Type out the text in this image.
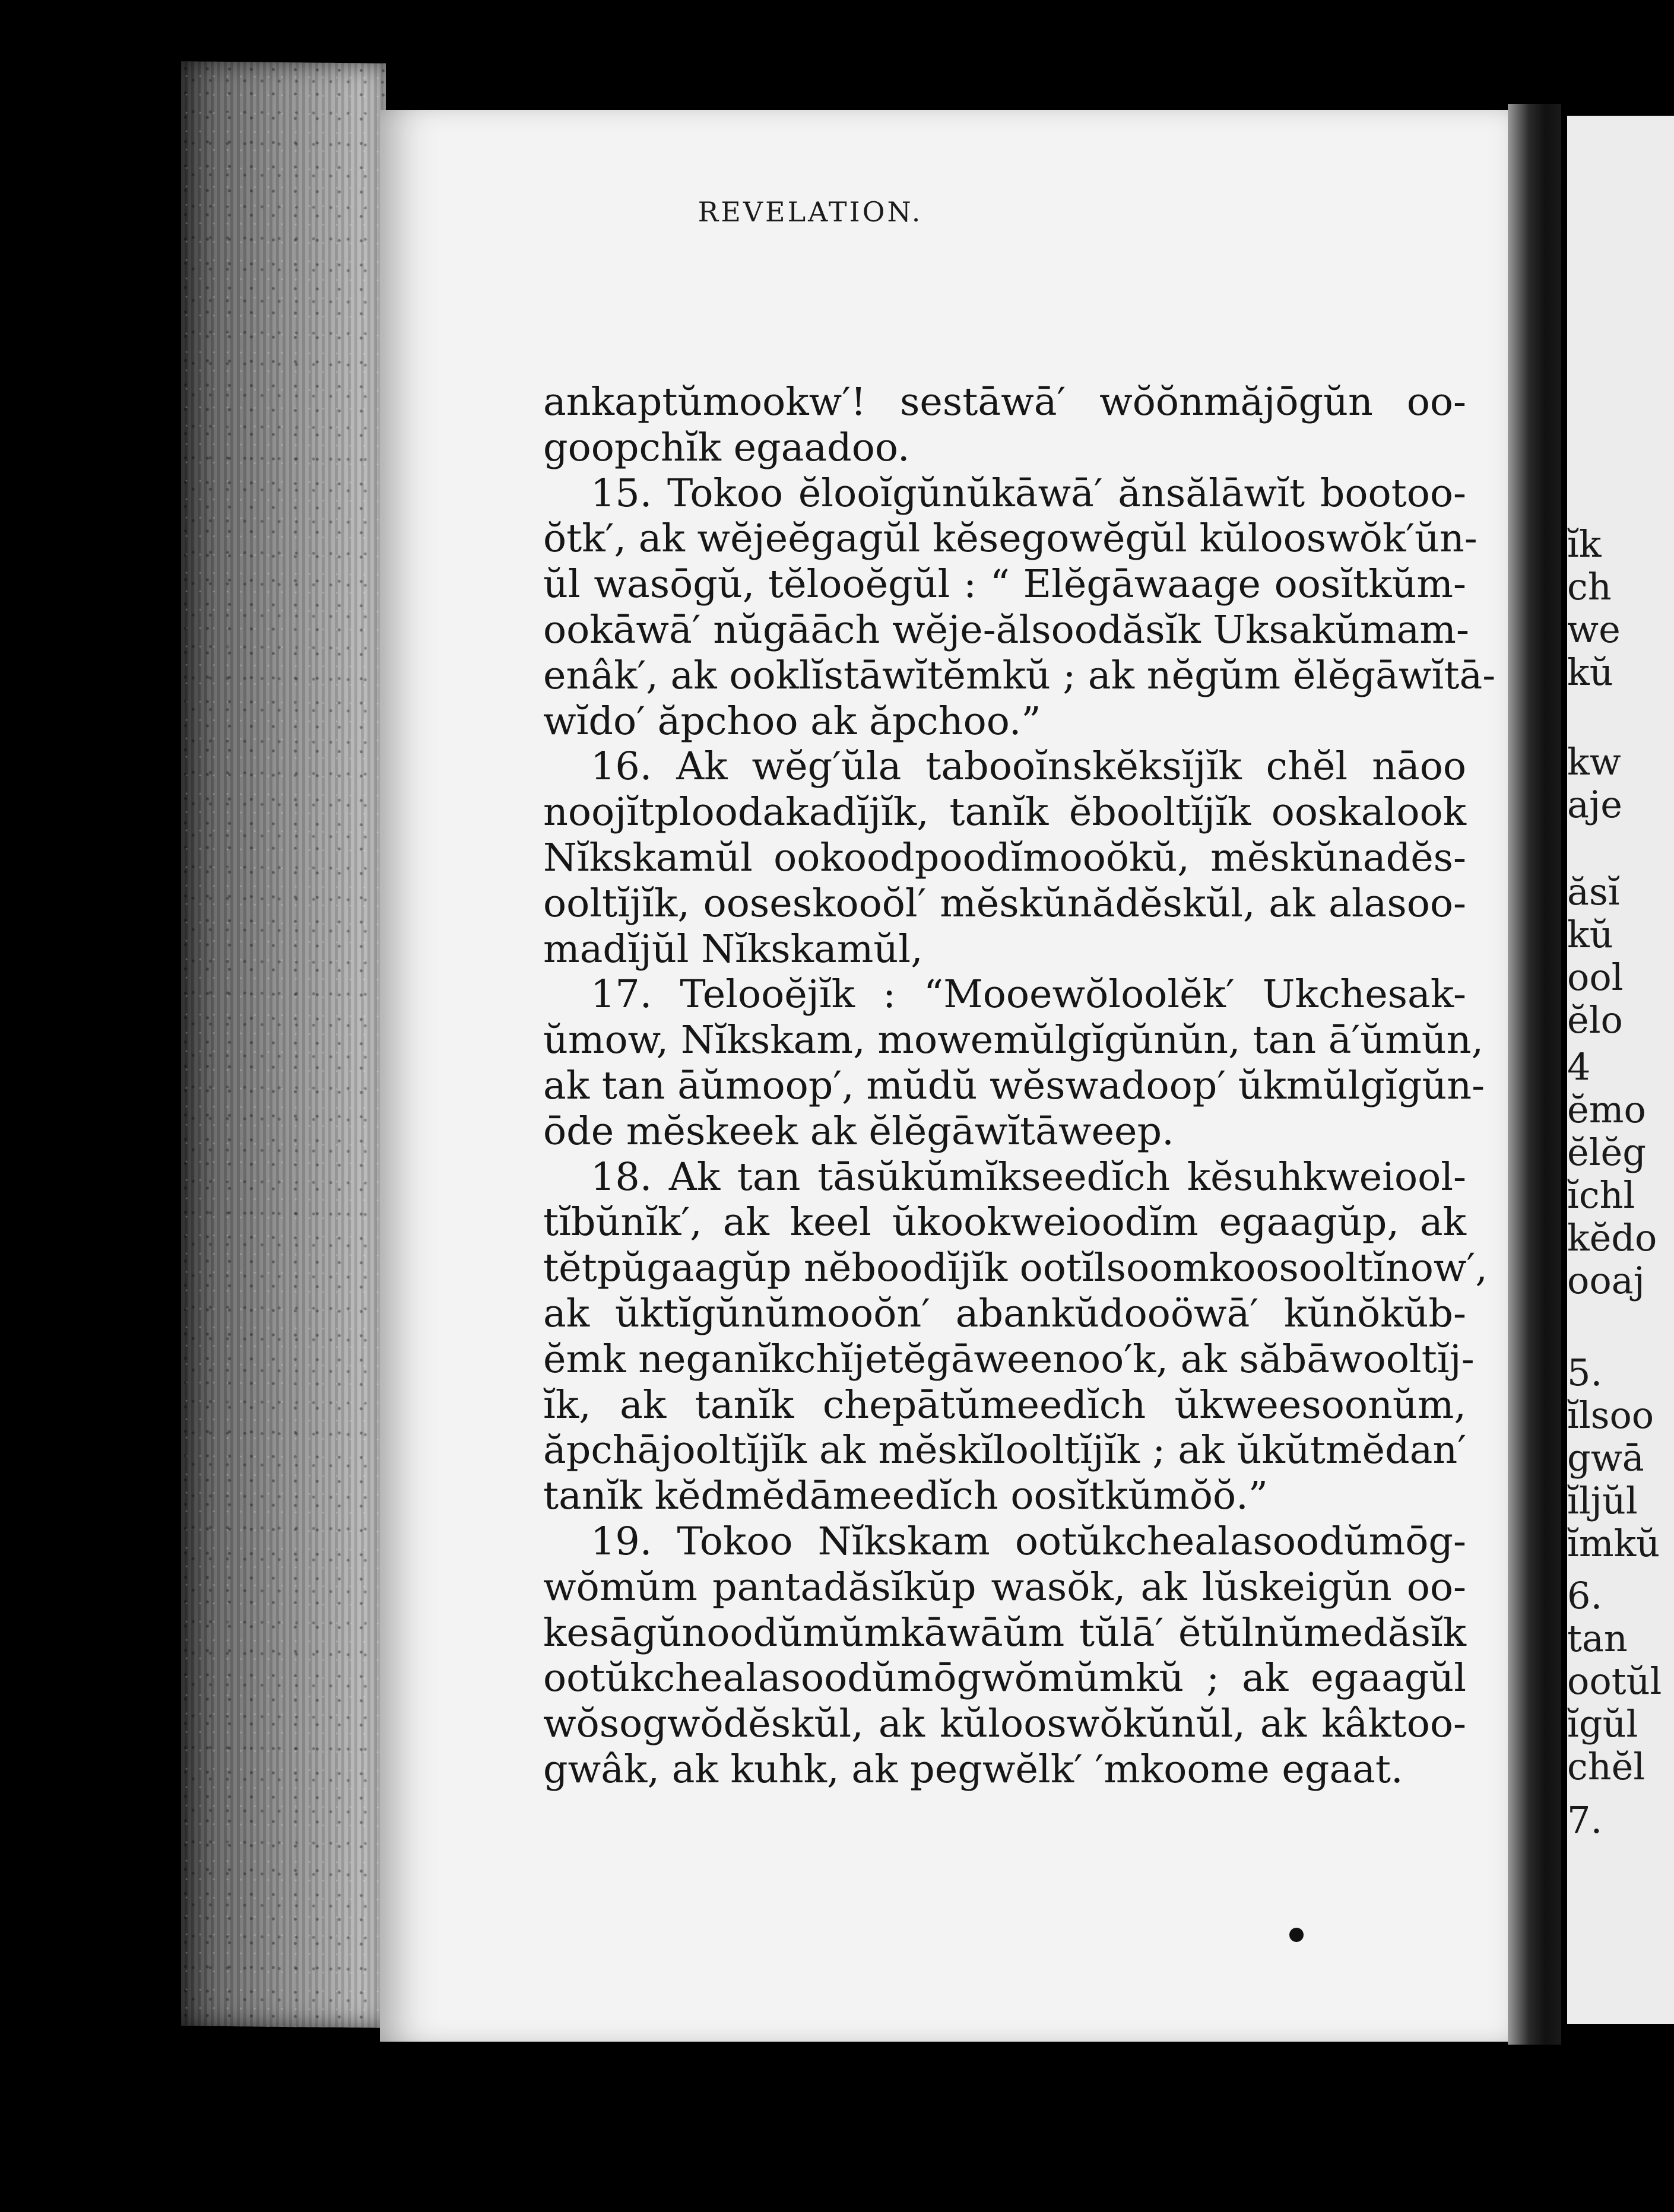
ĭk
ch
we
kŭ
kw
aje
ăsĭ
kŭ
ool
ĕlo
4
ĕmo
ĕlĕg
ĭchl
kĕdo
ooaj
5.
ĭlsoo
gwā
ĭljŭl
ĭmkŭ
6.
tan
ootŭl
ĭgŭl
chĕl
7.
REVELATION.
ankaptŭmookw′! sestāwā′ wŏŏnmăjōgŭn oo-
goopchĭk egaadoo.
15. Tokoo ĕlooĭgŭnŭkāwā′ ănsălāwĭt bootoo-
ŏtk′, ak wĕjeĕgagŭl kĕsegowĕgŭl kŭlooswŏk′ŭn-
ŭl wasōgŭ, tĕlooĕgŭl : “ Elĕgāwaage oosĭtkŭm-
ookāwā′ nŭgāāch wĕje-ălsoodăsĭk Uksakŭmam-
enâk′, ak ooklĭstāwĭtĕmkŭ ; ak nĕgŭm ĕlĕgāwĭtā-
wĭdo′ ăpchoo ak ăpchoo.”
16. Ak wĕg′ŭla tabooĭnskĕksĭjĭk chĕl nāoo
noojĭtploodakadĭjĭk, tanĭk ĕbooltĭjĭk ooskalook
Nĭkskamŭl ookoodpoodĭmooŏkŭ, mĕskŭnadĕs-
ooltĭjĭk, ooseskooŏl′ mĕskŭnădĕskŭl, ak alasoo-
madĭjŭl Nĭkskamŭl,
17. Telooĕjĭk : “Mooewŏloolĕk′ Ukchesak-
ŭmow, Nĭkskam, mowemŭlgĭgŭnŭn, tan ā′ŭmŭn,
ak tan āŭmoop′, mŭdŭ wĕswadoop′ ŭkmŭlgĭgŭn-
ōde mĕskeek ak ĕlĕgāwĭtāweep.
18. Ak tan tāsŭkŭmĭkseedĭch kĕsuhkweiool-
tĭbŭnĭk′, ak keel ŭkookweioodĭm egaagŭp, ak
tĕtpŭgaagŭp nĕboodĭjĭk ootĭlsoomkoosooltĭnow′,
ak ŭktĭgŭnŭmooŏn′ abankŭdooöwā′ kŭnŏkŭb-
ĕmk neganĭkchĭjetĕgāweenoo′k, ak săbāwooltĭj-
ĭk, ak tanĭk chepātŭmeedĭch ŭkweesoonŭm,
ăpchājooltĭjĭk ak mĕskĭlooltĭjĭk ; ak ŭkŭtmĕdan′
tanĭk kĕdmĕdāmeedĭch oosĭtkŭmŏŏ.”
19. Tokoo Nĭkskam ootŭkchealasoodŭmōg-
wŏmŭm pantadăsĭkŭp wasŏk, ak lŭskeigŭn oo-
kesāgŭnoodŭmŭmkāwāŭm tŭlā′ ĕtŭlnŭmedăsĭk
ootŭkchealasoodŭmōgwŏmŭmkŭ ; ak egaagŭl
wŏsogwŏdĕskŭl, ak kŭlooswŏkŭnŭl, ak kâktoo-
gwâk, ak kuhk, ak pegwĕlk′ ′mkoome egaat.
